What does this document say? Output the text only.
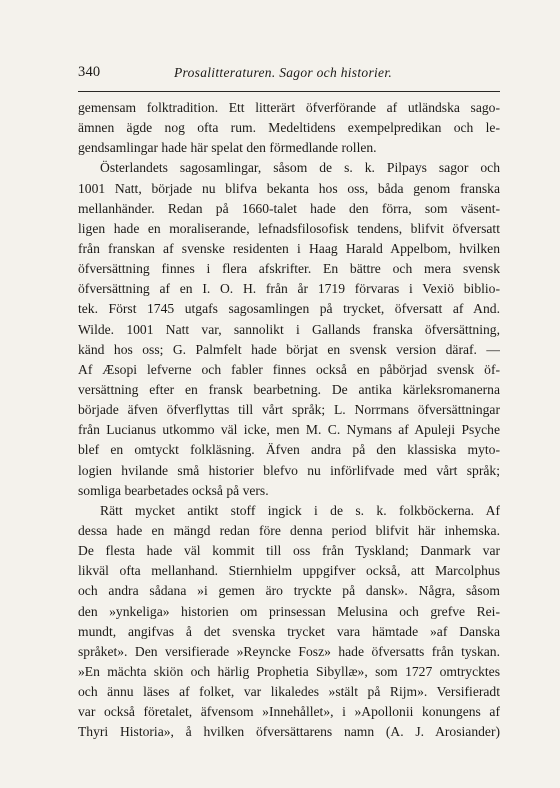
340	Prosalitteraturen. Sagor och historier.
gemensam folktradition. Ett litterärt öfverförande af utländska sago-
ämnen ägde nog ofta rum. Medeltidens exempelpredikan och le-
gendsamlingar hade här spelat den förmedlande rollen.
Österlandets sagosamlingar, såsom de s. k. Pilpays sagor och
1001 Natt, började nu blifva bekanta hos oss, båda genom franska
mellanhänder. Redan på 1660-talet hade den förra, som väsent-
ligen hade en moraliserande, lefnadsfilosofisk tendens, blifvit öfversatt
från franskan af svenske residenten i Haag Harald Appelbom, hvilken
öfversättning finnes i flera afskrifter. En bättre och mera svensk
öfversättning af en I. O. H. från år 1719 förvaras i Vexiö biblio-
tek. Först 1745 utgafs sagosamlingen på trycket, öfversatt af And.
Wilde. 1001 Natt var, sannolikt i Gallands franska öfversättning,
känd hos oss; G. Palmfelt hade börjat en svensk version däraf. —
Af Æsopi lefverne och fabler finnes också en påbörjad svensk öf-
versättning efter en fransk bearbetning. De antika kärleksromanerna
började äfven öfverflyttas till vårt språk; L. Norrmans öfversättningar
från Lucianus utkommo väl icke, men M. C. Nymans af Apuleji Psyche
blef en omtyckt folkläsning. Äfven andra på den klassiska myto-
logien hvilande små historier blefvo nu införlifvade med vårt språk;
somliga bearbetades också på vers.
Rätt mycket antikt stoff ingick i de s. k. folkböckerna. Af
dessa hade en mängd redan före denna period blifvit här inhemska.
De flesta hade väl kommit till oss från Tyskland; Danmark var
likväl ofta mellanhand. Stiernhielm uppgifver också, att Marcolphus
och andra sådana »i gemen äro tryckte på dansk». Några, såsom
den »ynkeliga» historien om prinsessan Melusina och grefve Rei-
mundt, angifvas å det svenska trycket vara hämtade »af Danska
språket». Den versifierade »Reyncke Fosz» hade öfversatts från tyskan.
»En mächta skiön och härlig Prophetia Sibyllæ», som 1727 omtrycktes
och ännu läses af folket, var likaledes »stält på Rijm». Versifieradt
var också företalet, äfvensom »Innehållet», i »Apollonii konungens af
Thyri Historia», å hvilken öfversättarens namn (A. J. Arosiander)
